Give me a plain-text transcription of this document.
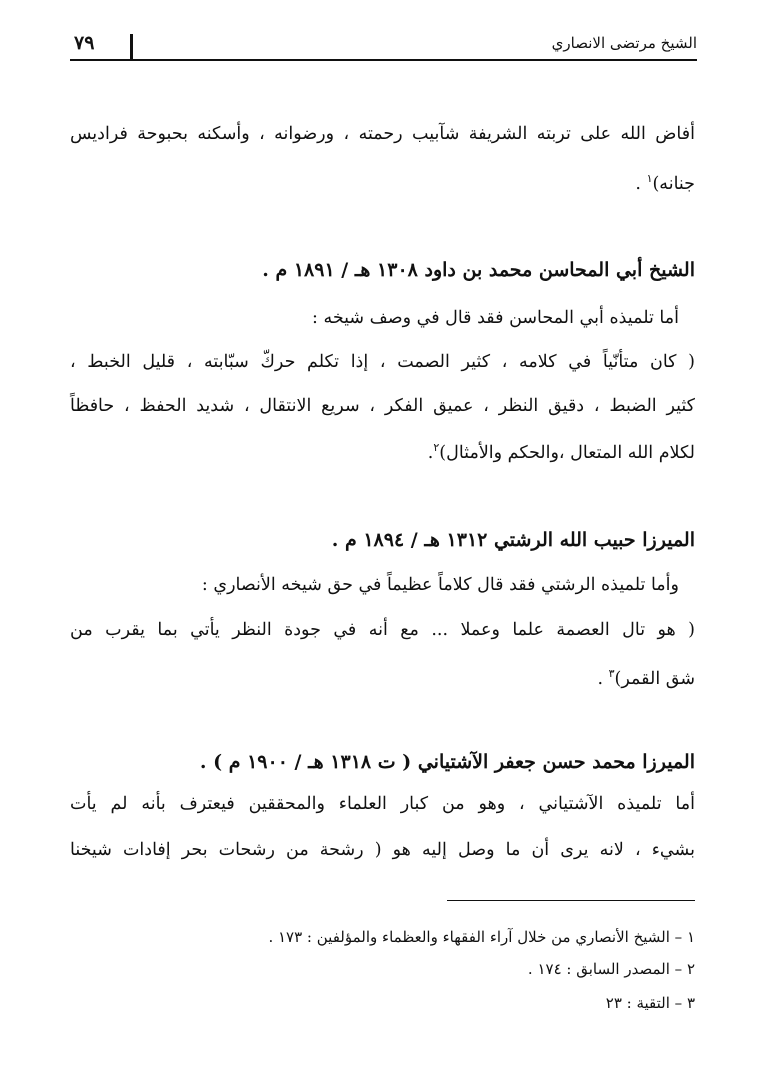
الشيخ مرتضى الانصاري
٧٩
أفاض الله على تربته الشريفة شآبيب رحمته ، ورضوانه ، وأسكنه بحبوحة فراديس
جنانه)$^١$ .
الشيخ أبي المحاسن محمد بن داود ١٣٠٨ هـ / ١٨٩١ م .
أما تلميذه أبي المحاسن فقد قال في وصف شيخه :
( كان متأنّياً في كلامه ، كثير الصمت ، إذا تكلم حركّ سبّابته ، قليل الخبط ،
كثير الضبط ، دقيق النظر ، عميق الفكر ، سريع الانتقال ، شديد الحفظ ، حافظاً
لكلام الله المتعال ،والحكم والأمثال)$^٢$.
الميرزا حبيب الله الرشتي ١٣١٢ هـ / ١٨٩٤ م .
وأما تلميذه الرشتي فقد قال كلاماً عظيماً في حق شيخه الأنصاري :
( هو تال العصمة علما وعملا ... مع أنه في جودة النظر يأتي بما يقرب من
شق القمر)$^٣$ .
الميرزا محمد حسن جعفر الآشتياني ( ت ١٣١٨ هـ / ١٩٠٠ م ) .
أما تلميذه الآشتياني ، وهو من كبار العلماء والمحققين فيعترف بأنه لم يأت
بشيء ، لانه يرى أن ما وصل إليه هو ( رشحة من رشحات بحر إفادات شيخنا
١ – الشيخ الأنصاري من خلال آراء الفقهاء والعظماء والمؤلفين : ١٧٣ .
٢ – المصدر السابق : ١٧٤ .
٣ – التقية : ٢٣
